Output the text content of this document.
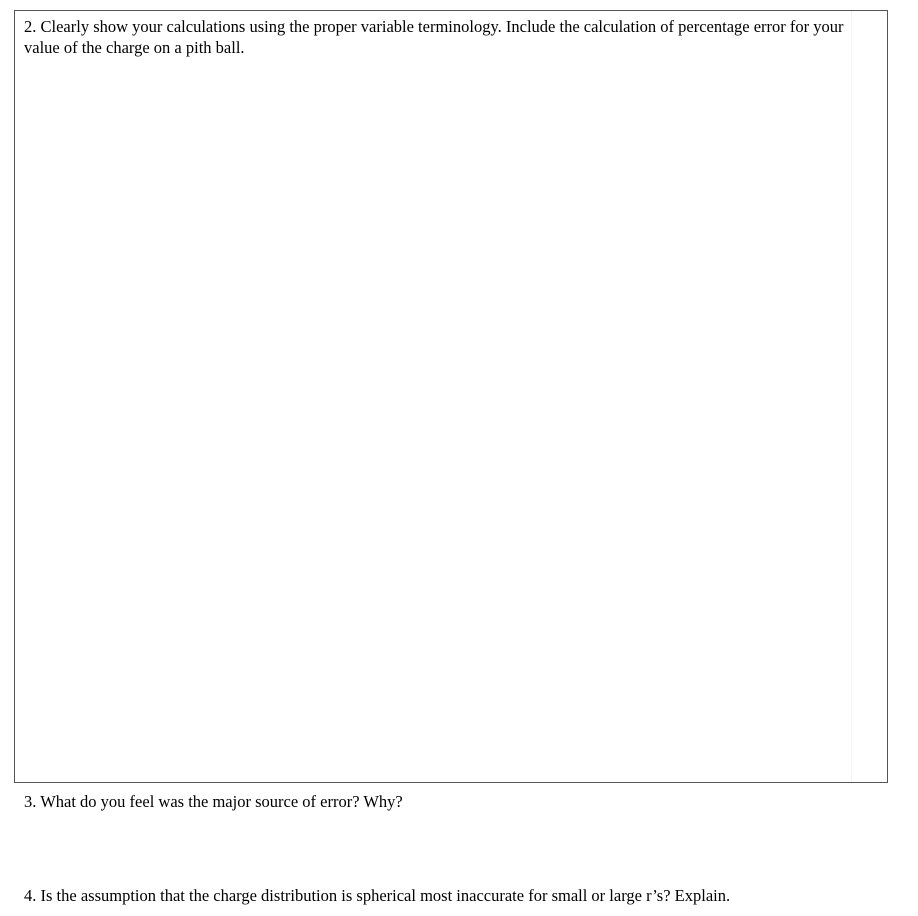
2. Clearly show your calculations using the proper variable terminology. Include the calculation of percentage error for your value of the charge on a pith ball.

3. What do you feel was the major source of error? Why?

4. Is the assumption that the charge distribution is spherical most inaccurate for small or large r’s? Explain.
